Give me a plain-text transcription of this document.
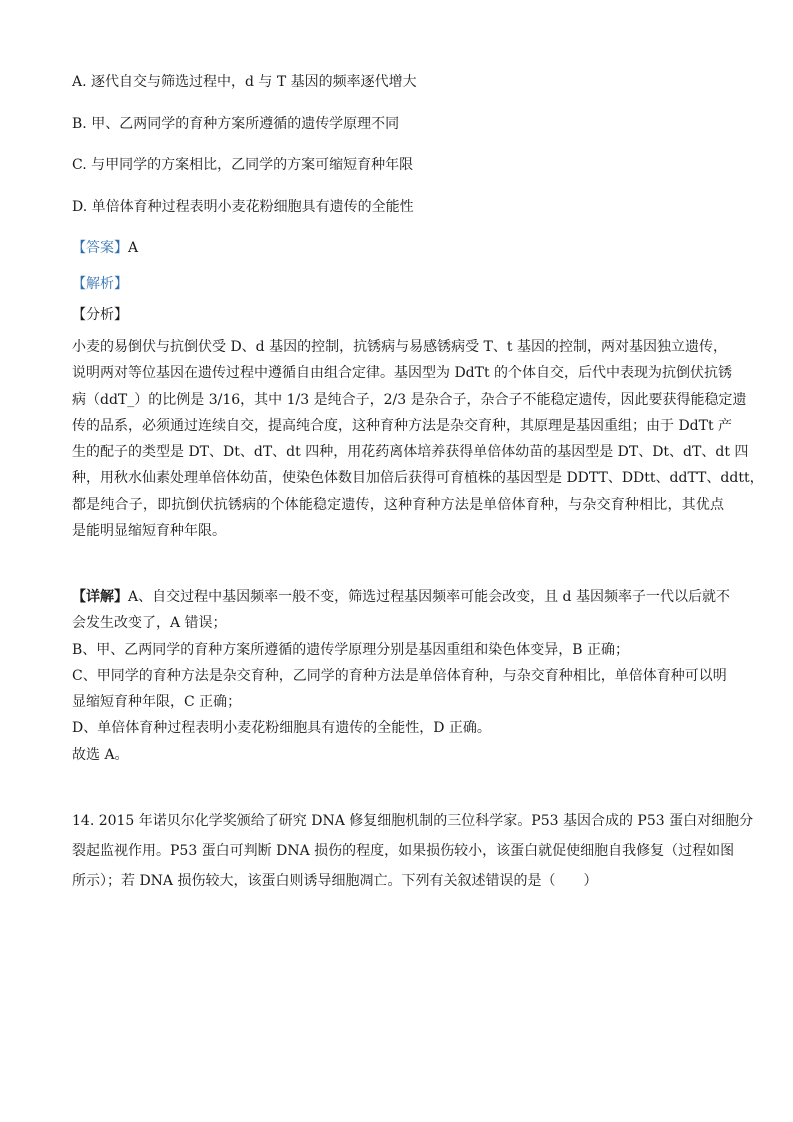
A. 逐代自交与筛选过程中，d 与 T 基因的频率逐代增大
B. 甲、乙两同学的育种方案所遵循的遗传学原理不同
C. 与甲同学的方案相比，乙同学的方案可缩短育种年限
D. 单倍体育种过程表明小麦花粉细胞具有遗传的全能性
【答案】A
【解析】
【分析】
小麦的易倒伏与抗倒伏受 D、d 基因的控制，抗锈病与易感锈病受 T、t 基因的控制，两对基因独立遗传，
说明两对等位基因在遗传过程中遵循自由组合定律。基因型为 DdTt 的个体自交，后代中表现为抗倒伏抗锈
病（ddT_）的比例是 3/16，其中 1/3 是纯合子，2/3 是杂合子，杂合子不能稳定遗传，因此要获得能稳定遗
传的品系，必须通过连续自交，提高纯合度，这种育种方法是杂交育种，其原理是基因重组；由于 DdTt 产
生的配子的类型是 DT、Dt、dT、dt 四种，用花药离体培养获得单倍体幼苗的基因型是 DT、Dt、dT、dt 四
种，用秋水仙素处理单倍体幼苗，使染色体数目加倍后获得可育植株的基因型是 DDTT、DDtt、ddTT、ddtt，
都是纯合子，即抗倒伏抗锈病的个体能稳定遗传，这种育种方法是单倍体育种，与杂交育种相比，其优点
是能明显缩短育种年限。
【详解】A、自交过程中基因频率一般不变，筛选过程基因频率可能会改变，且 d 基因频率子一代以后就不
会发生改变了，A 错误；
B、甲、乙两同学的育种方案所遵循的遗传学原理分别是基因重组和染色体变异，B 正确；
C、甲同学的育种方法是杂交育种，乙同学的育种方法是单倍体育种，与杂交育种相比，单倍体育种可以明
显缩短育种年限，C 正确；
D、单倍体育种过程表明小麦花粉细胞具有遗传的全能性，D 正确。
故选 A。
14. 2015 年诺贝尔化学奖颁给了研究 DNA 修复细胞机制的三位科学家。P53 基因合成的 P53 蛋白对细胞分
裂起监视作用。P53 蛋白可判断 DNA 损伤的程度，如果损伤较小，该蛋白就促使细胞自我修复（过程如图
所示）；若 DNA 损伤较大，该蛋白则诱导细胞凋亡。下列有关叙述错误的是（　　）
